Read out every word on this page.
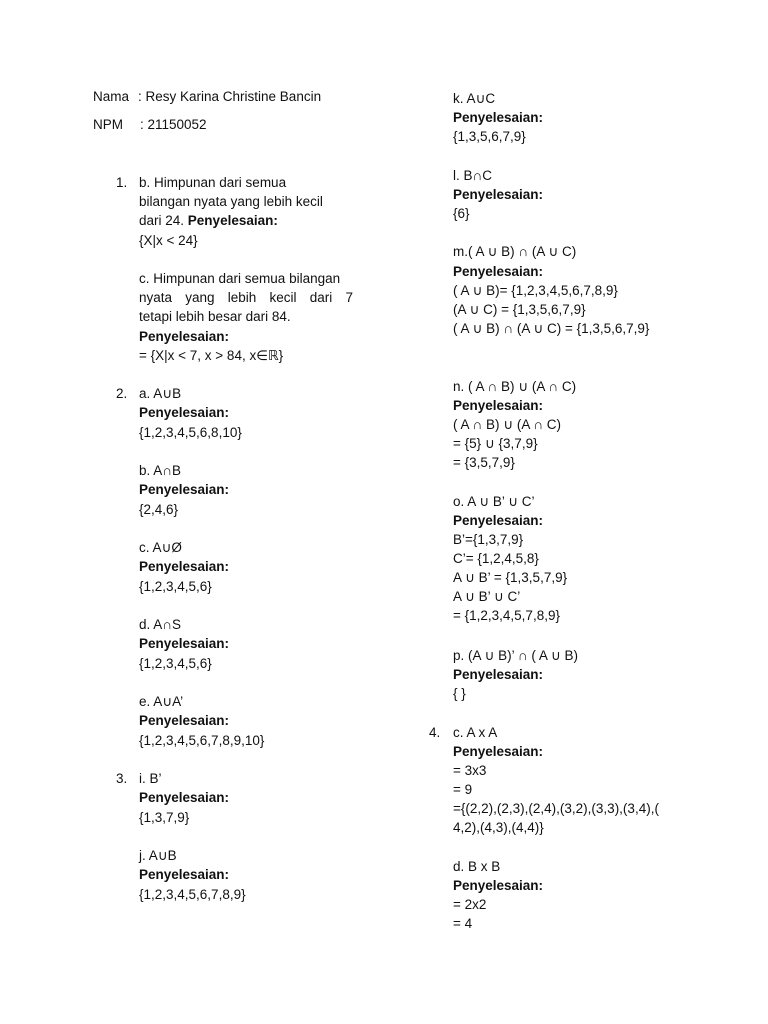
Nama : Resy Karina Christine Bancin
NPM : 21150052
1. b. Himpunan dari semua
bilangan nyata yang lebih kecil
dari 24. Penyelesaian:
{X|x < 24}
c. Himpunan dari semua bilangan
nyata yang lebih kecil dari 7
tetapi lebih besar dari 84.
Penyelesaian:
= {X|x < 7, x > 84, x∈ℝ}
2. a. A∪B
Penyelesaian:
{1,2,3,4,5,6,8,10}
b. A∩B
Penyelesaian:
{2,4,6}
c. A∪Ø
Penyelesaian:
{1,2,3,4,5,6}
d. A∩S
Penyelesaian:
{1,2,3,4,5,6}
e. A∪A’
Penyelesaian:
{1,2,3,4,5,6,7,8,9,10}
3. i. B’
Penyelesaian:
{1,3,7,9}
j. A∪B
Penyelesaian:
{1,2,3,4,5,6,7,8,9}
k. A∪C
Penyelesaian:
{1,3,5,6,7,9}
l. B∩C
Penyelesaian:
{6}
m.( A ∪ B) ∩ (A ∪ C)
Penyelesaian:
( A ∪ B)= {1,2,3,4,5,6,7,8,9}
(A ∪ C) = {1,3,5,6,7,9}
( A ∪ B) ∩ (A ∪ C) = {1,3,5,6,7,9}
n. ( A ∩ B) ∪ (A ∩ C)
Penyelesaian:
( A ∩ B) ∪ (A ∩ C)
= {5} ∪ {3,7,9}
= {3,5,7,9}
o. A ∪ B’ ∪ C’
Penyelesaian:
B’={1,3,7,9}
C’= {1,2,4,5,8}
A ∪ B’ = {1,3,5,7,9}
A ∪ B’ ∪ C’
= {1,2,3,4,5,7,8,9}
p. (A ∪ B)’ ∩ ( A ∪ B)
Penyelesaian:
{ }
4. c. A x A
Penyelesaian:
= 3x3
= 9
={(2,2),(2,3),(2,4),(3,2),(3,3),(3,4),(
4,2),(4,3),(4,4)}
d. B x B
Penyelesaian:
= 2x2
= 4
